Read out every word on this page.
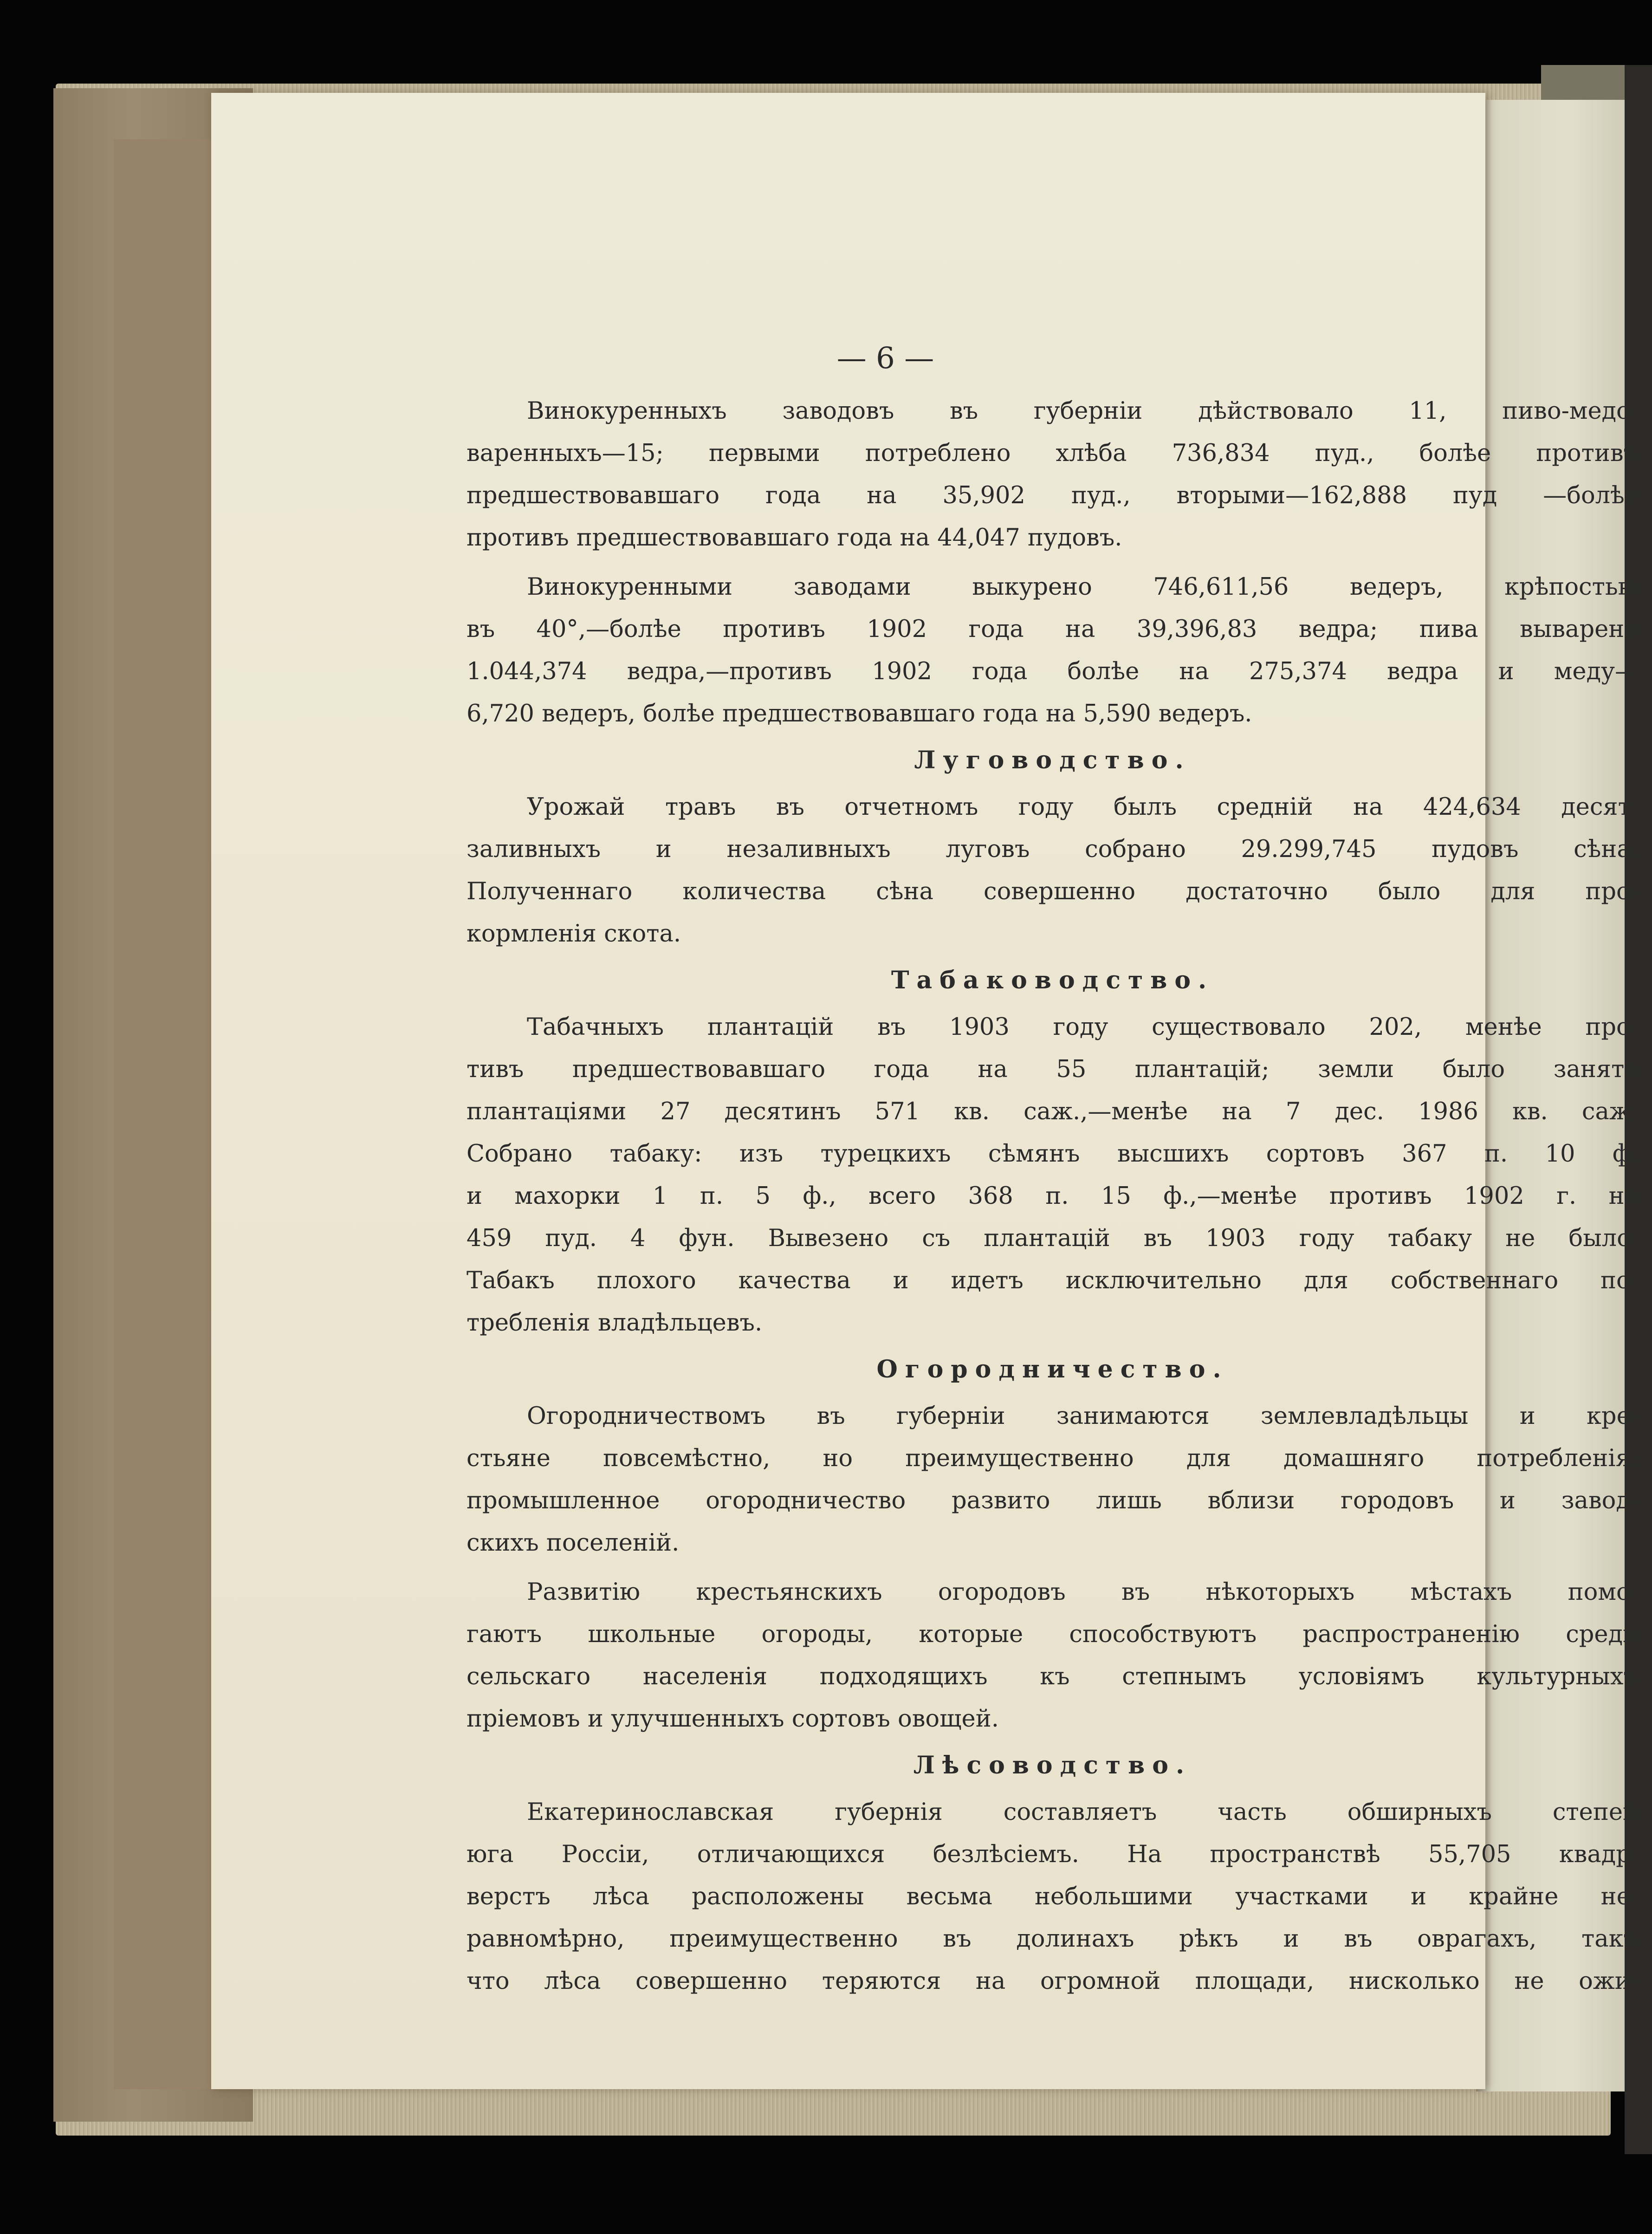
— 6 —

Винокуренныхъ заводовъ въ губерніи дѣйствовало 11, пиво-медо-

варенныхъ—15; первыми потреблено хлѣба 736,834 пуд., болѣе противъ

предшествовавшаго года на 35,902 пуд., вторыми—162,888 пуд —болѣе

противъ предшествовавшаго года на 44,047 пудовъ.

Винокуренными заводами выкурено 746,611,56 ведеръ, крѣпостью

въ 40°,—болѣе противъ 1902 года на 39,396,83 ведра; пива выварено

1.044,374 ведра,—противъ 1902 года болѣе на 275,374 ведра и меду—

6,720 ведеръ, болѣе предшествовавшаго года на 5,590 ведеръ.

Луговодство.

Урожай травъ въ отчетномъ году былъ средній на 424,634 десят.

заливныхъ и незаливныхъ луговъ собрано 29.299,745 пудовъ сѣна.

Полученнаго количества сѣна совершенно достаточно было для про-

кормленія скота.

Табаководство.

Табачныхъ плантацій въ 1903 году существовало 202, менѣе про-

тивъ предшествовавшаго года на 55 плантацій; земли было занято

плантаціями 27 десятинъ 571 кв. саж.,—менѣе на 7 дес. 1986 кв. саж.

Собрано табаку: изъ турецкихъ сѣмянъ высшихъ сортовъ 367 п. 10 ф.

и махорки 1 п. 5 ф., всего 368 п. 15 ф.,—менѣе противъ 1902 г. на

459 пуд. 4 фун. Вывезено съ плантацій въ 1903 году табаку не было.

Табакъ плохого качества и идетъ исключительно для собственнаго по-

требленія владѣльцевъ.

Огородничество.

Огородничествомъ въ губерніи занимаются землевладѣльцы и кре-

стьяне повсемѣстно, но преимущественно для домашняго потребленія;

промышленное огородничество развито лишь вблизи городовъ и завод-

скихъ поселеній.

Развитію крестьянскихъ огородовъ въ нѣкоторыхъ мѣстахъ помо-

гаютъ школьные огороды, которые способствуютъ распространенію среди

сельскаго населенія подходящихъ къ степнымъ условіямъ культурныхъ

пріемовъ и улучшенныхъ сортовъ овощей.

Лѣсоводство.

Екатеринославская губернія составляетъ часть обширныхъ степей

юга Россіи, отличающихся безлѣсіемъ. На пространствѣ 55,705 квадр.

верстъ лѣса расположены весьма небольшими участками и крайне не-

равномѣрно, преимущественно въ долинахъ рѣкъ и въ оврагахъ, такъ

что лѣса совершенно теряются на огромной площади, нисколько не ожи-
